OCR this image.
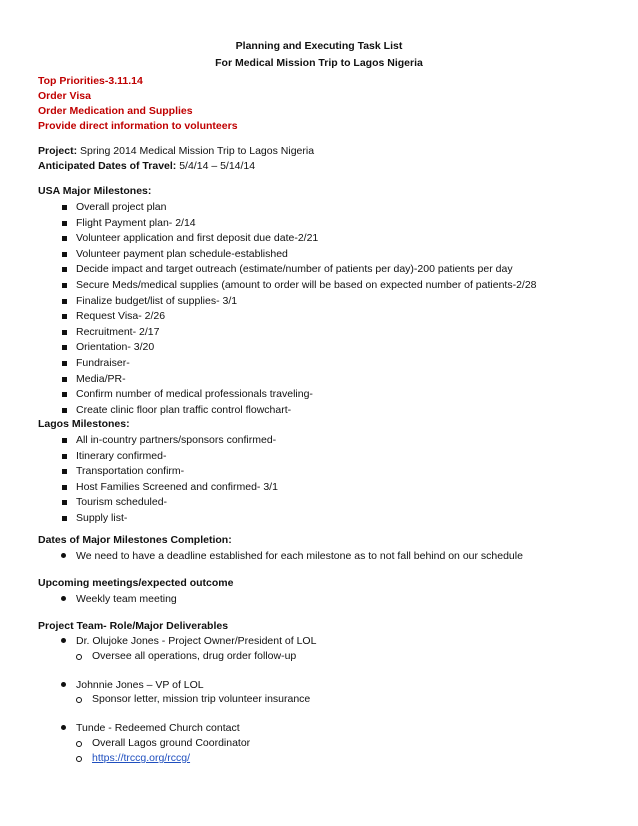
Planning and Executing Task List
For Medical Mission Trip to Lagos Nigeria
Top Priorities-3.11.14
Order Visa
Order Medication and Supplies
Provide direct information to volunteers
Project: Spring 2014 Medical Mission Trip to Lagos Nigeria
Anticipated Dates of Travel: 5/4/14 – 5/14/14
USA Major Milestones:
Overall project plan
Flight Payment plan- 2/14
Volunteer application and first deposit due date-2/21
Volunteer payment plan schedule-established
Decide impact and target outreach (estimate/number of patients per day)-200 patients per day
Secure Meds/medical supplies (amount to order will be based on expected number of patients-2/28
Finalize budget/list of supplies- 3/1
Request Visa- 2/26
Recruitment- 2/17
Orientation- 3/20
Fundraiser-
Media/PR-
Confirm number of medical professionals traveling-
Create clinic floor plan traffic control flowchart-
Lagos Milestones:
All in-country partners/sponsors confirmed-
Itinerary confirmed-
Transportation confirm-
Host Families Screened and confirmed- 3/1
Tourism scheduled-
Supply list-
Dates of Major Milestones Completion:
We need to have a deadline established for each milestone as to not fall behind on our schedule
Upcoming meetings/expected outcome
Weekly team meeting
Project Team- Role/Major Deliverables
Dr. Olujoke Jones - Project Owner/President of LOL
Oversee all operations, drug order follow-up
Johnnie Jones – VP of LOL
Sponsor letter, mission trip volunteer insurance
Tunde - Redeemed Church contact
Overall Lagos ground Coordinator
https://trccg.org/rccg/
